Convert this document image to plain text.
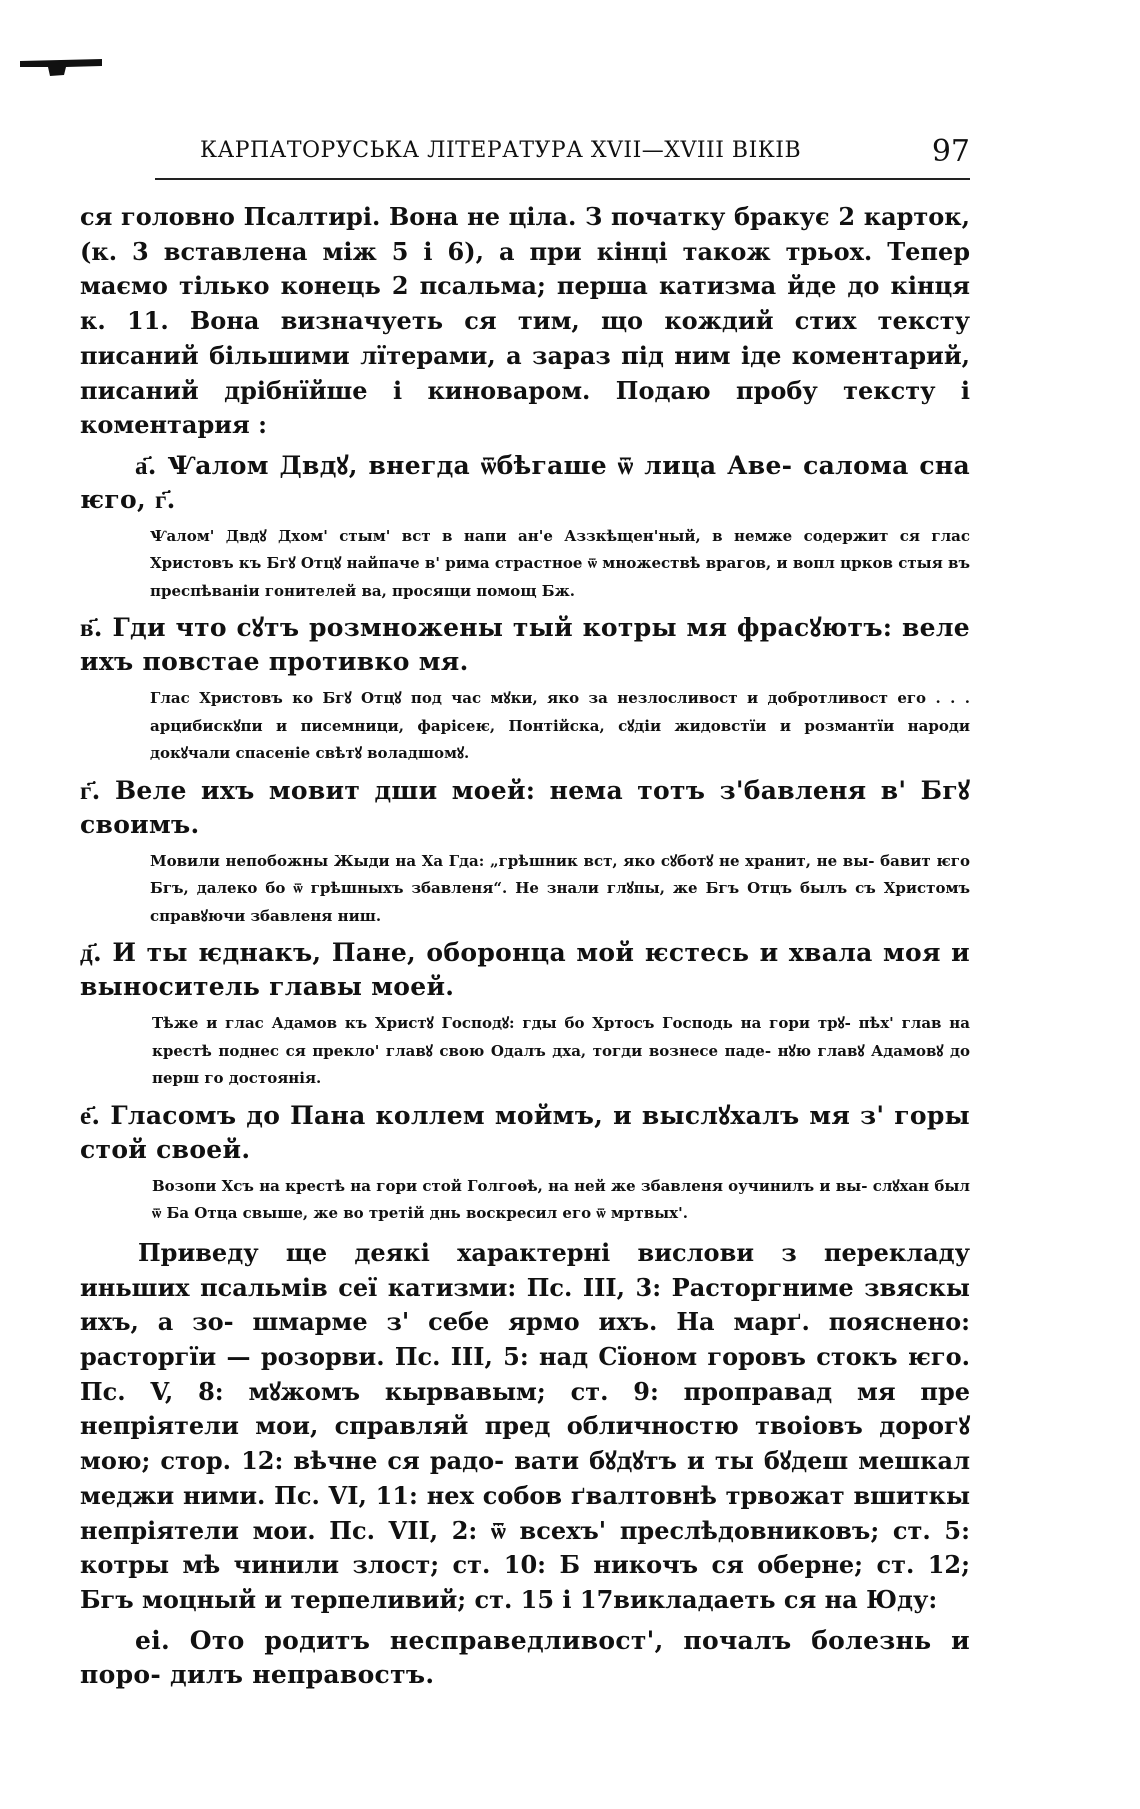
КАРПАТОРУСЬКА ЛІТЕРАТУРА XVII—XVIII ВІКІВ	97

ся головно Псалтирі. Вона не ціла. З початку бракує 2 карток, (к. 3 вставлена між 5 і 6), а при кінці також трьох. Тепер маємо тілько конець 2 псальма; перша катизма йде до кінця к. 11. Вона визначуеть ся тим, що кождий стих тексту писаний більшими лїтерами, а зараз під ним іде коментарий, писаний дрібнїйше і киноваром. Подаю пробу тексту і коментария :

а҃. Ѱалом Двдꙋ, внегда ѿбѣгаше ѿ лица Аве- саломa сна ѥго, г҃.

Ѱалом' Двдꙋ Дхом' стым' вст в напи ан'е Аззкѣщен'ный, в немже содержит ся глас Христовъ къ Бгꙋ Отцꙋ найпаче в' рима страстное ѿ множествѣ врагов, и вопл црков стыя въ преспѣваніи гонителей ва, просящи помощ Бж.

в҃. Гди что сꙋтъ розмножены тый котры мя фрасꙋютъ: веле ихъ повстае противко мя.

Глас Христовъ ко Бгꙋ Отцꙋ под час мꙋки, яко за незлосливост и добротливост его . . . арцибискꙋпи и писемници, фарісеѥ, Понтійска, сꙋдіи жидовстїи и розмантїи народи докꙋчали спасеніе свѣтꙋ воладшомꙋ.

г҃. Веле ихъ мовит дши моей: нема тотъ з'бавленя в' Бгꙋ своимъ.

Мовили непобожны Жыди на Ха Гда: „грѣшник вст, яко сꙋботꙋ не хранит, не вы- бавит ѥго Бгъ, далеко бо ѿ грѣшныхъ збавленя“. Не знали глꙋпы, же Бгъ Отцъ былъ съ Христомъ справꙋючи збавленя ниш.

д҃. И ты ѥднакъ, Пане, оборонца мой ѥстесь и хвала моя и выноситель главы моей.

Тѣже и глас Адамов къ Христꙋ Господꙋ: гды бо Хртосъ Господь на гори трꙋ- пѣх' глав на крестѣ поднес ся прекло' главꙋ свою Одалъ дха, тогди вознесе паде- нꙋю главꙋ Адамовꙋ до перш го достоянія.

е҃. Гласомъ до Пана коллем моймъ, и выслꙋхалъ мя з' горы стой своей.

Возопи Хсъ на крестѣ на гори стой Голгоѳѣ, на ней же збавленя оучинилъ и вы- слꙋхан был ѿ Ба Отца свыше, же во третій днь воскресил его ѿ мртвых'.

Приведу ще деякі характерні вислови з перекладу иньших псальмів сеї катизми: Пс. III, 3: Расторгниме звяскы ихъ, а зо- шмарме з' себе ярмо ихъ. На марґ. пояснено: расторгїи — розорви. Пс. III, 5: над Сїоном горовъ стокъ ѥго. Пс. V, 8: мꙋжомъ кырвавым; ст. 9: проправад мя пре непріятели мои, справляй пред обличностю твоіовъ дорогꙋ мою; стор. 12: вѣчне ся радо- вати бꙋдꙋтъ и ты бꙋдеш мешкал меджи ними. Пс. VI, 11: нех собов ґвалтовнѣ трвожат вшиткы непріятели мои. Пс. VII, 2: ѿ всехъ' преслѣдовниковъ; ст. 5: котры мѣ чинили злост; ст. 10: Б никочъ ся оберне; ст. 12; Бгъ моцный и терпеливий; ст. 15 і 17викладаеть ся на Юду:

еі. Ото родитъ несправедливост', почалъ болезнь и поро- дилъ неправостъ.
